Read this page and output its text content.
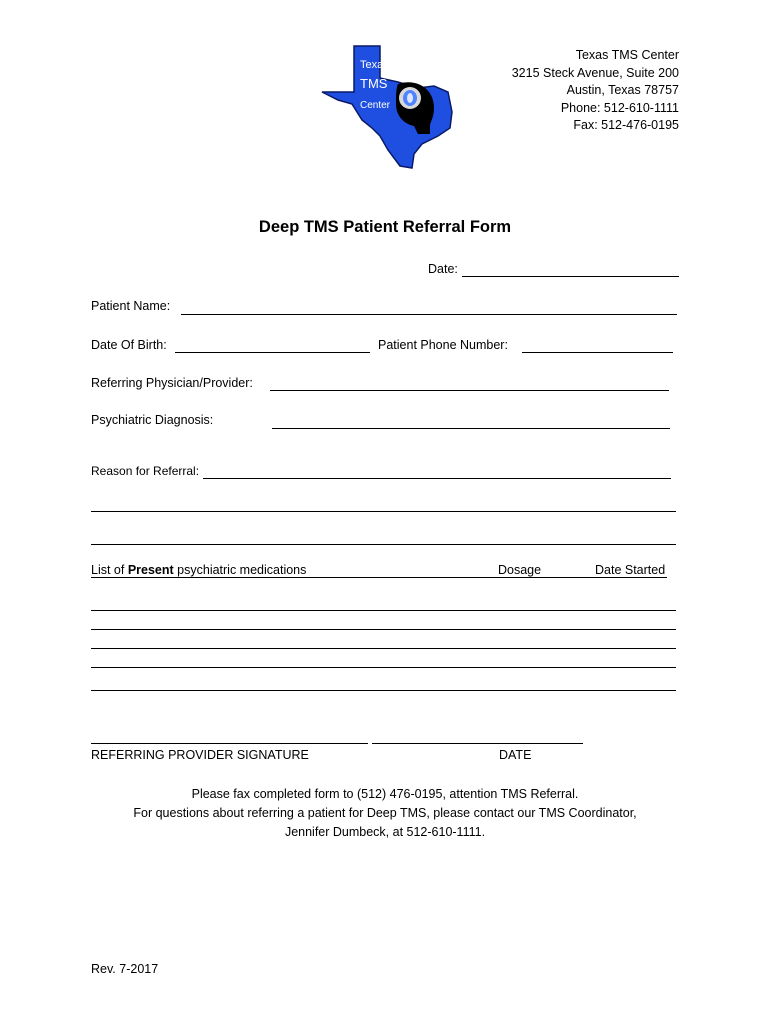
Texas
TMS
Center
Texas TMS Center
3215 Steck Avenue, Suite 200
Austin, Texas 78757
Phone: 512-610-1111
Fax: 512-476-0195
Deep TMS Patient Referral Form
Date:
Patient Name:
Date Of Birth:	Patient Phone Number:
Referring Physician/Provider:
Psychiatric Diagnosis:
Reason for Referral:
List of Present psychiatric medications	Dosage	Date Started
REFERRING PROVIDER SIGNATURE	DATE
Please fax completed form to (512) 476-0195, attention TMS Referral.
For questions about referring a patient for Deep TMS, please contact our TMS Coordinator,
Jennifer Dumbeck, at 512-610-1111.
Rev. 7-2017
